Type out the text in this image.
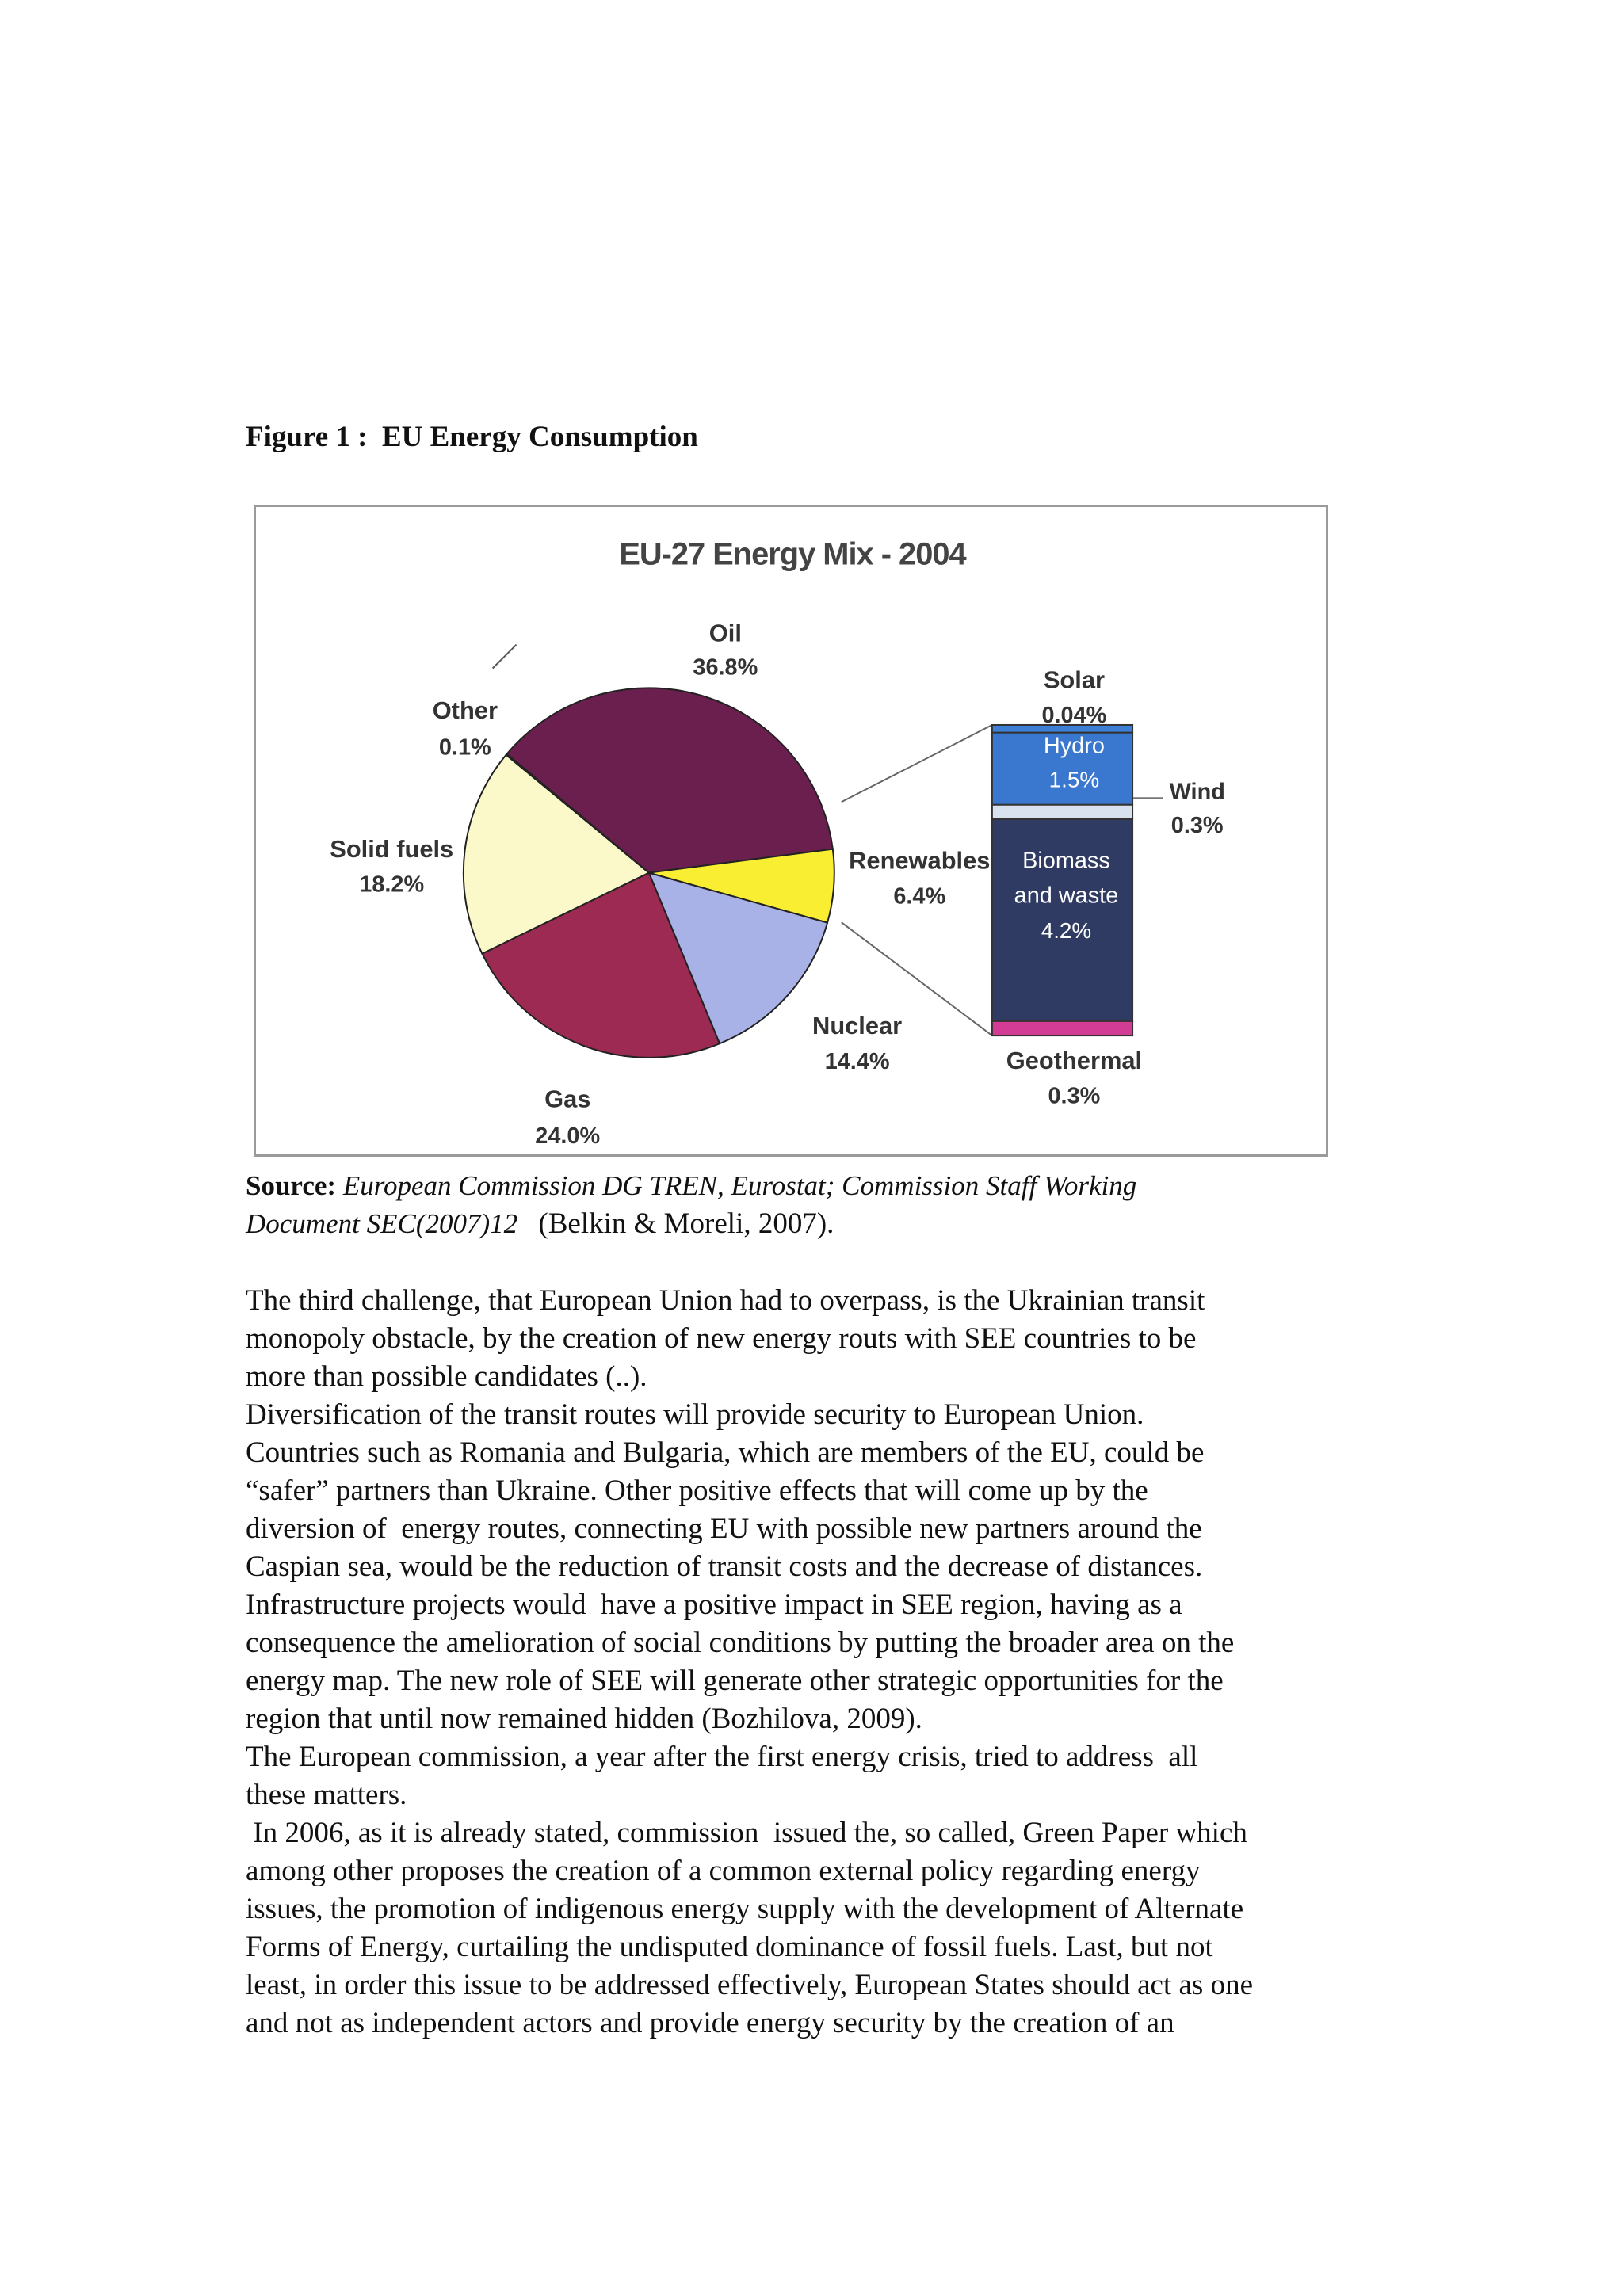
Figure 1 : EU Energy Consumption
EU-27 Energy Mix - 2004
Oil
36.8%
Other
0.1%
Solid fuels
18.2%
Gas
24.0%
Nuclear
14.4%
Renewables
6.4%
Solar
0.04%
Hydro
1.5%	Wind
0.3%
Biomass
and waste
4.2%
Geothermal
0.3%
Source: European Commission DG TREN, Eurostat; Commission Staff Working
Document SEC(2007)12 (Belkin & Moreli, 2007).
The third challenge, that European Union had to overpass, is the Ukrainian transit
monopoly obstacle, by the creation of new energy routs with SEE countries to be
more than possible candidates (..).
Diversification of the transit routes will provide security to European Union.
Countries such as Romania and Bulgaria, which are members of the EU, could be
“safer” partners than Ukraine. Other positive effects that will come up by the
diversion of  energy routes, connecting EU with possible new partners around the
Caspian sea, would be the reduction of transit costs and the decrease of distances.
Infrastructure projects would  have a positive impact in SEE region, having as a
consequence the amelioration of social conditions by putting the broader area on the
energy map. The new role of SEE will generate other strategic opportunities for the
region that until now remained hidden (Bozhilova, 2009).
The European commission, a year after the first energy crisis, tried to address  all
these matters.
In 2006, as it is already stated, commission  issued the, so called, Green Paper which
among other proposes the creation of a common external policy regarding energy
issues, the promotion of indigenous energy supply with the development of Alternate
Forms of Energy, curtailing the undisputed dominance of fossil fuels. Last, but not
least, in order this issue to be addressed effectively, European States should act as one
and not as independent actors and provide energy security by the creation of an
